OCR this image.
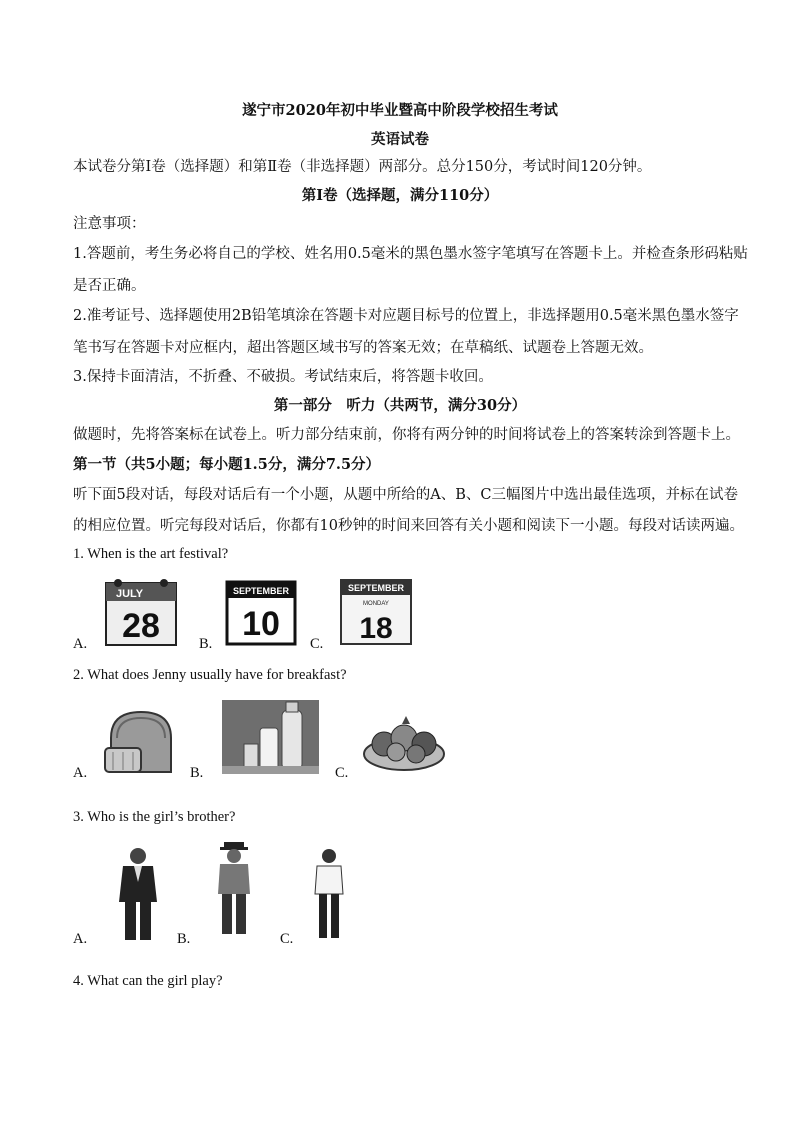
遂宁市2020年初中毕业暨高中阶段学校招生考试
英语试卷
本试卷分第Ⅰ卷（选择题）和第Ⅱ卷（非选择题）两部分。总分150分，考试时间120分钟。
第Ⅰ卷（选择题，满分110分）
注意事项：
1.答题前，考生务必将自己的学校、姓名用0.5毫米的黑色墨水签字笔填写在答题卡上。并检查条形码粘贴
是否正确。
2.准考证号、选择题使用2B铅笔填涂在答题卡对应题目标号的位置上，非选择题用0.5毫米黑色墨水签字
笔书写在答题卡对应框内，超出答题区域书写的答案无效；在草稿纸、试题卷上答题无效。
3.保持卡面清洁，不折叠、不破损。考试结束后，将答题卡收回。
第一部分　听力（共两节，满分30分）
做题时，先将答案标在试卷上。听力部分结束前，你将有两分钟的时间将试卷上的答案转涂到答题卡上。
第一节（共5小题；每小题1.5分，满分7.5分）
听下面5段对话，每段对话后有一个小题，从题中所给的A、B、C三幅图片中选出最佳选项，并标在试卷
的相应位置。听完每段对话后，你都有10秒钟的时间来回答有关小题和阅读下一小题。每段对话读两遍。
1. When is the art festival?
A.
JULY
28	B.
SEPTEMBER
10
C.
SEPTEMBER
MONDAY
18
2. What does Jenny usually have for breakfast?
A.	B.	C.
3. Who is the girl’s brother?
A.	B.	C.
4. What can the girl play?
